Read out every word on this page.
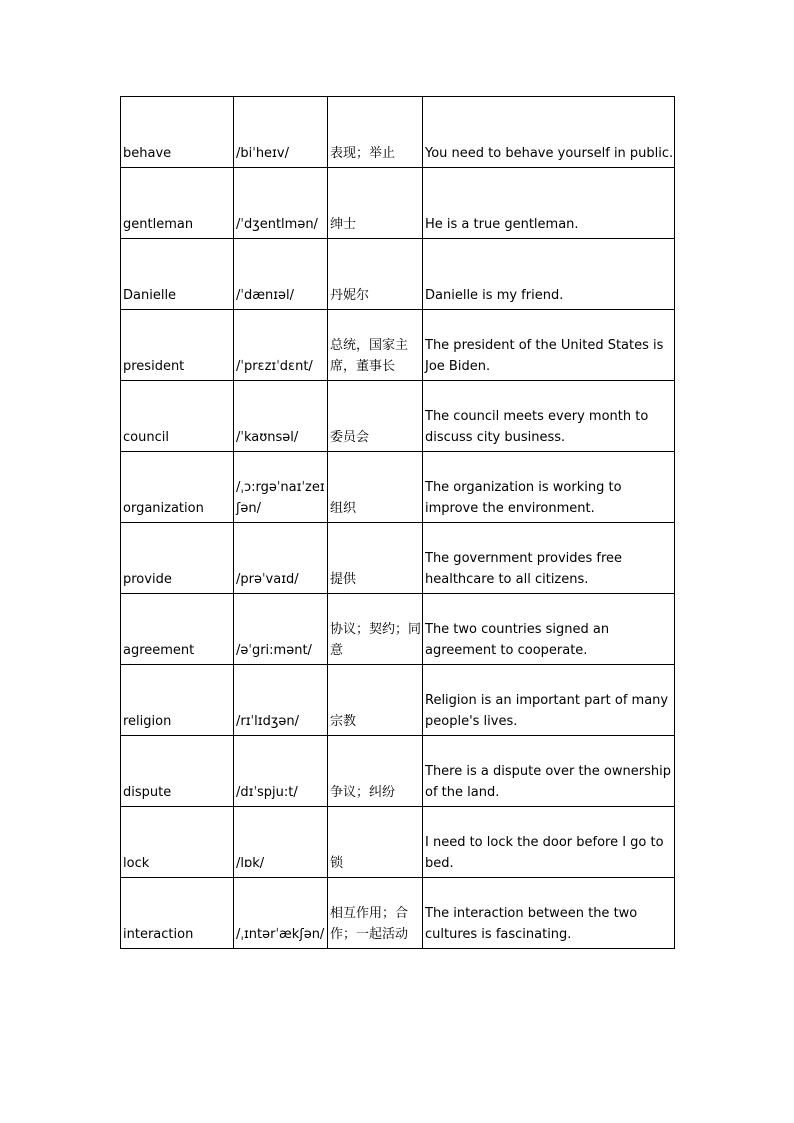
behave	/biˈheɪv/	表现；举止	You need to behave yourself in public.
gentleman	/ˈdʒentlmən/	绅士	He is a true gentleman.
Danielle	/ˈdænɪəl/	丹妮尔	Danielle is my friend.
president	/ˈprɛzɪˈdɛnt/	总统，国家主席，董事长	The president of the United States is Joe Biden.
council	/ˈkaʊnsəl/	委员会	The council meets every month to discuss city business.
organization	/ˌɔ:rgəˈnaɪˈzeɪʃən/	组织	The organization is working to improve the environment.
provide	/prəˈvaɪd/	提供	The government provides free healthcare to all citizens.
agreement	/əˈgri:mənt/	协议；契约；同意	The two countries signed an agreement to cooperate.
religion	/rɪˈlɪdʒən/	宗教	Religion is an important part of many people's lives.
dispute	/dɪˈspju:t/	争议；纠纷	There is a dispute over the ownership of the land.
lock	/lɒk/	锁	I need to lock the door before I go to bed.
interaction	/ˌɪntərˈækʃən/	相互作用；合作；一起活动	The interaction between the two cultures is fascinating.
